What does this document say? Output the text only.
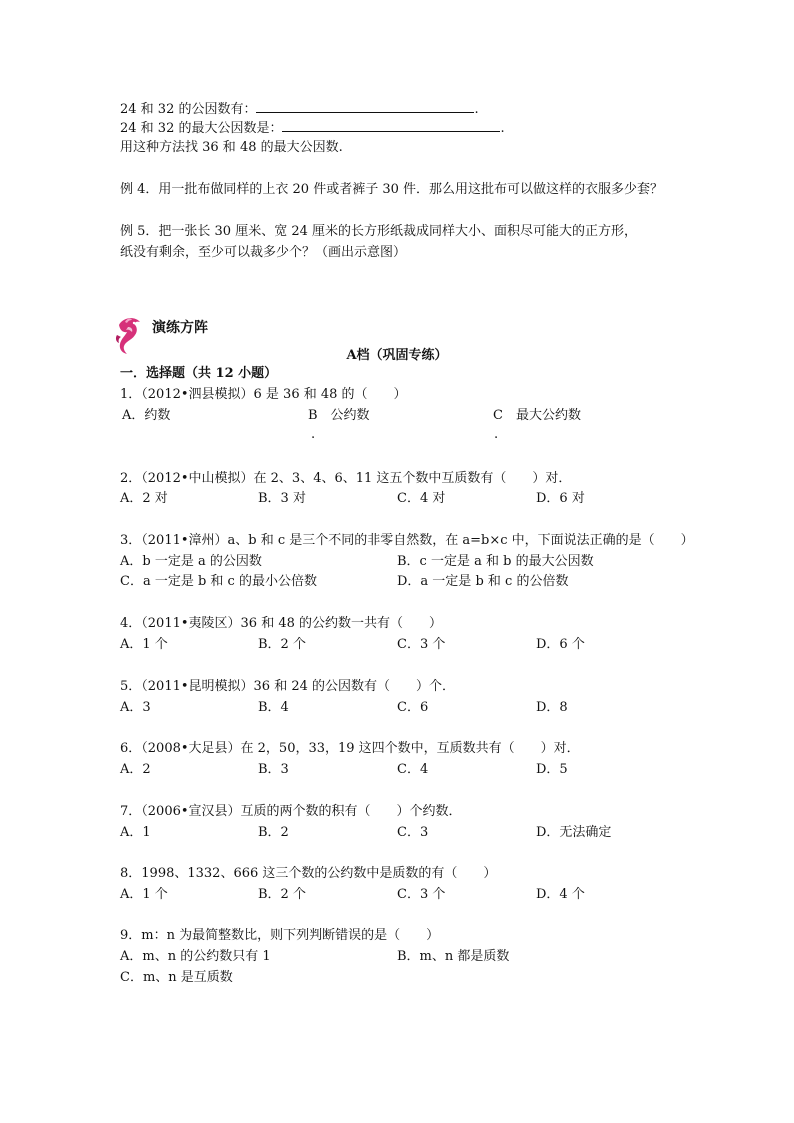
24 和 32 的公因数有：	.
24 和 32 的最大公因数是：	.
用这种方法找 36 和 48 的最大公因数.
例 4．用一批布做同样的上衣 20 件或者裤子 30 件．那么用这批布可以做这样的衣服多少套？
例 5．把一张长 30 厘米、宽 24 厘米的长方形纸裁成同样大小、面积尽可能大的正方形，
纸没有剩余，至少可以裁多少个？（画出示意图）
演练方阵
A档（巩固专练）
一．选择题（共 12 小题）
1．（2012•泗县模拟）6 是 36 和 48 的（　　）
A．约数	B　公约数	C　最大公约数
.	.
2．（2012•中山模拟）在 2、3、4、6、11 这五个数中互质数有（　　）对．
A．2 对	B．3 对	C．4 对	D．6 对
3．（2011•漳州）a、b 和 c 是三个不同的非零自然数，在 a=b×c 中，下面说法正确的是（　　）
A．b 一定是 a 的公因数	B．c 一定是 a 和 b 的最大公因数
C．a 一定是 b 和 c 的最小公倍数	D．a 一定是 b 和 c 的公倍数
4．（2011•夷陵区）36 和 48 的公约数一共有（　　）
A．1 个	B．2 个	C．3 个	D．6 个
5．（2011•昆明模拟）36 和 24 的公因数有（　　）个．
A．3	B．4	C．6	D．8
6．（2008•大足县）在 2，50，33，19 这四个数中，互质数共有（　　）对．
A．2	B．3	C．4	D．5
7．（2006•宣汉县）互质的两个数的积有（　　）个约数．
A．1	B．2	C．3	D．无法确定
8．1998、1332、666 这三个数的公约数中是质数的有（　　）
A．1 个	B．2 个	C．3 个	D．4 个
9．m：n 为最简整数比，则下列判断错误的是（　　）
A．m、n 的公约数只有 1	B．m、n 都是质数
C．m、n 是互质数
